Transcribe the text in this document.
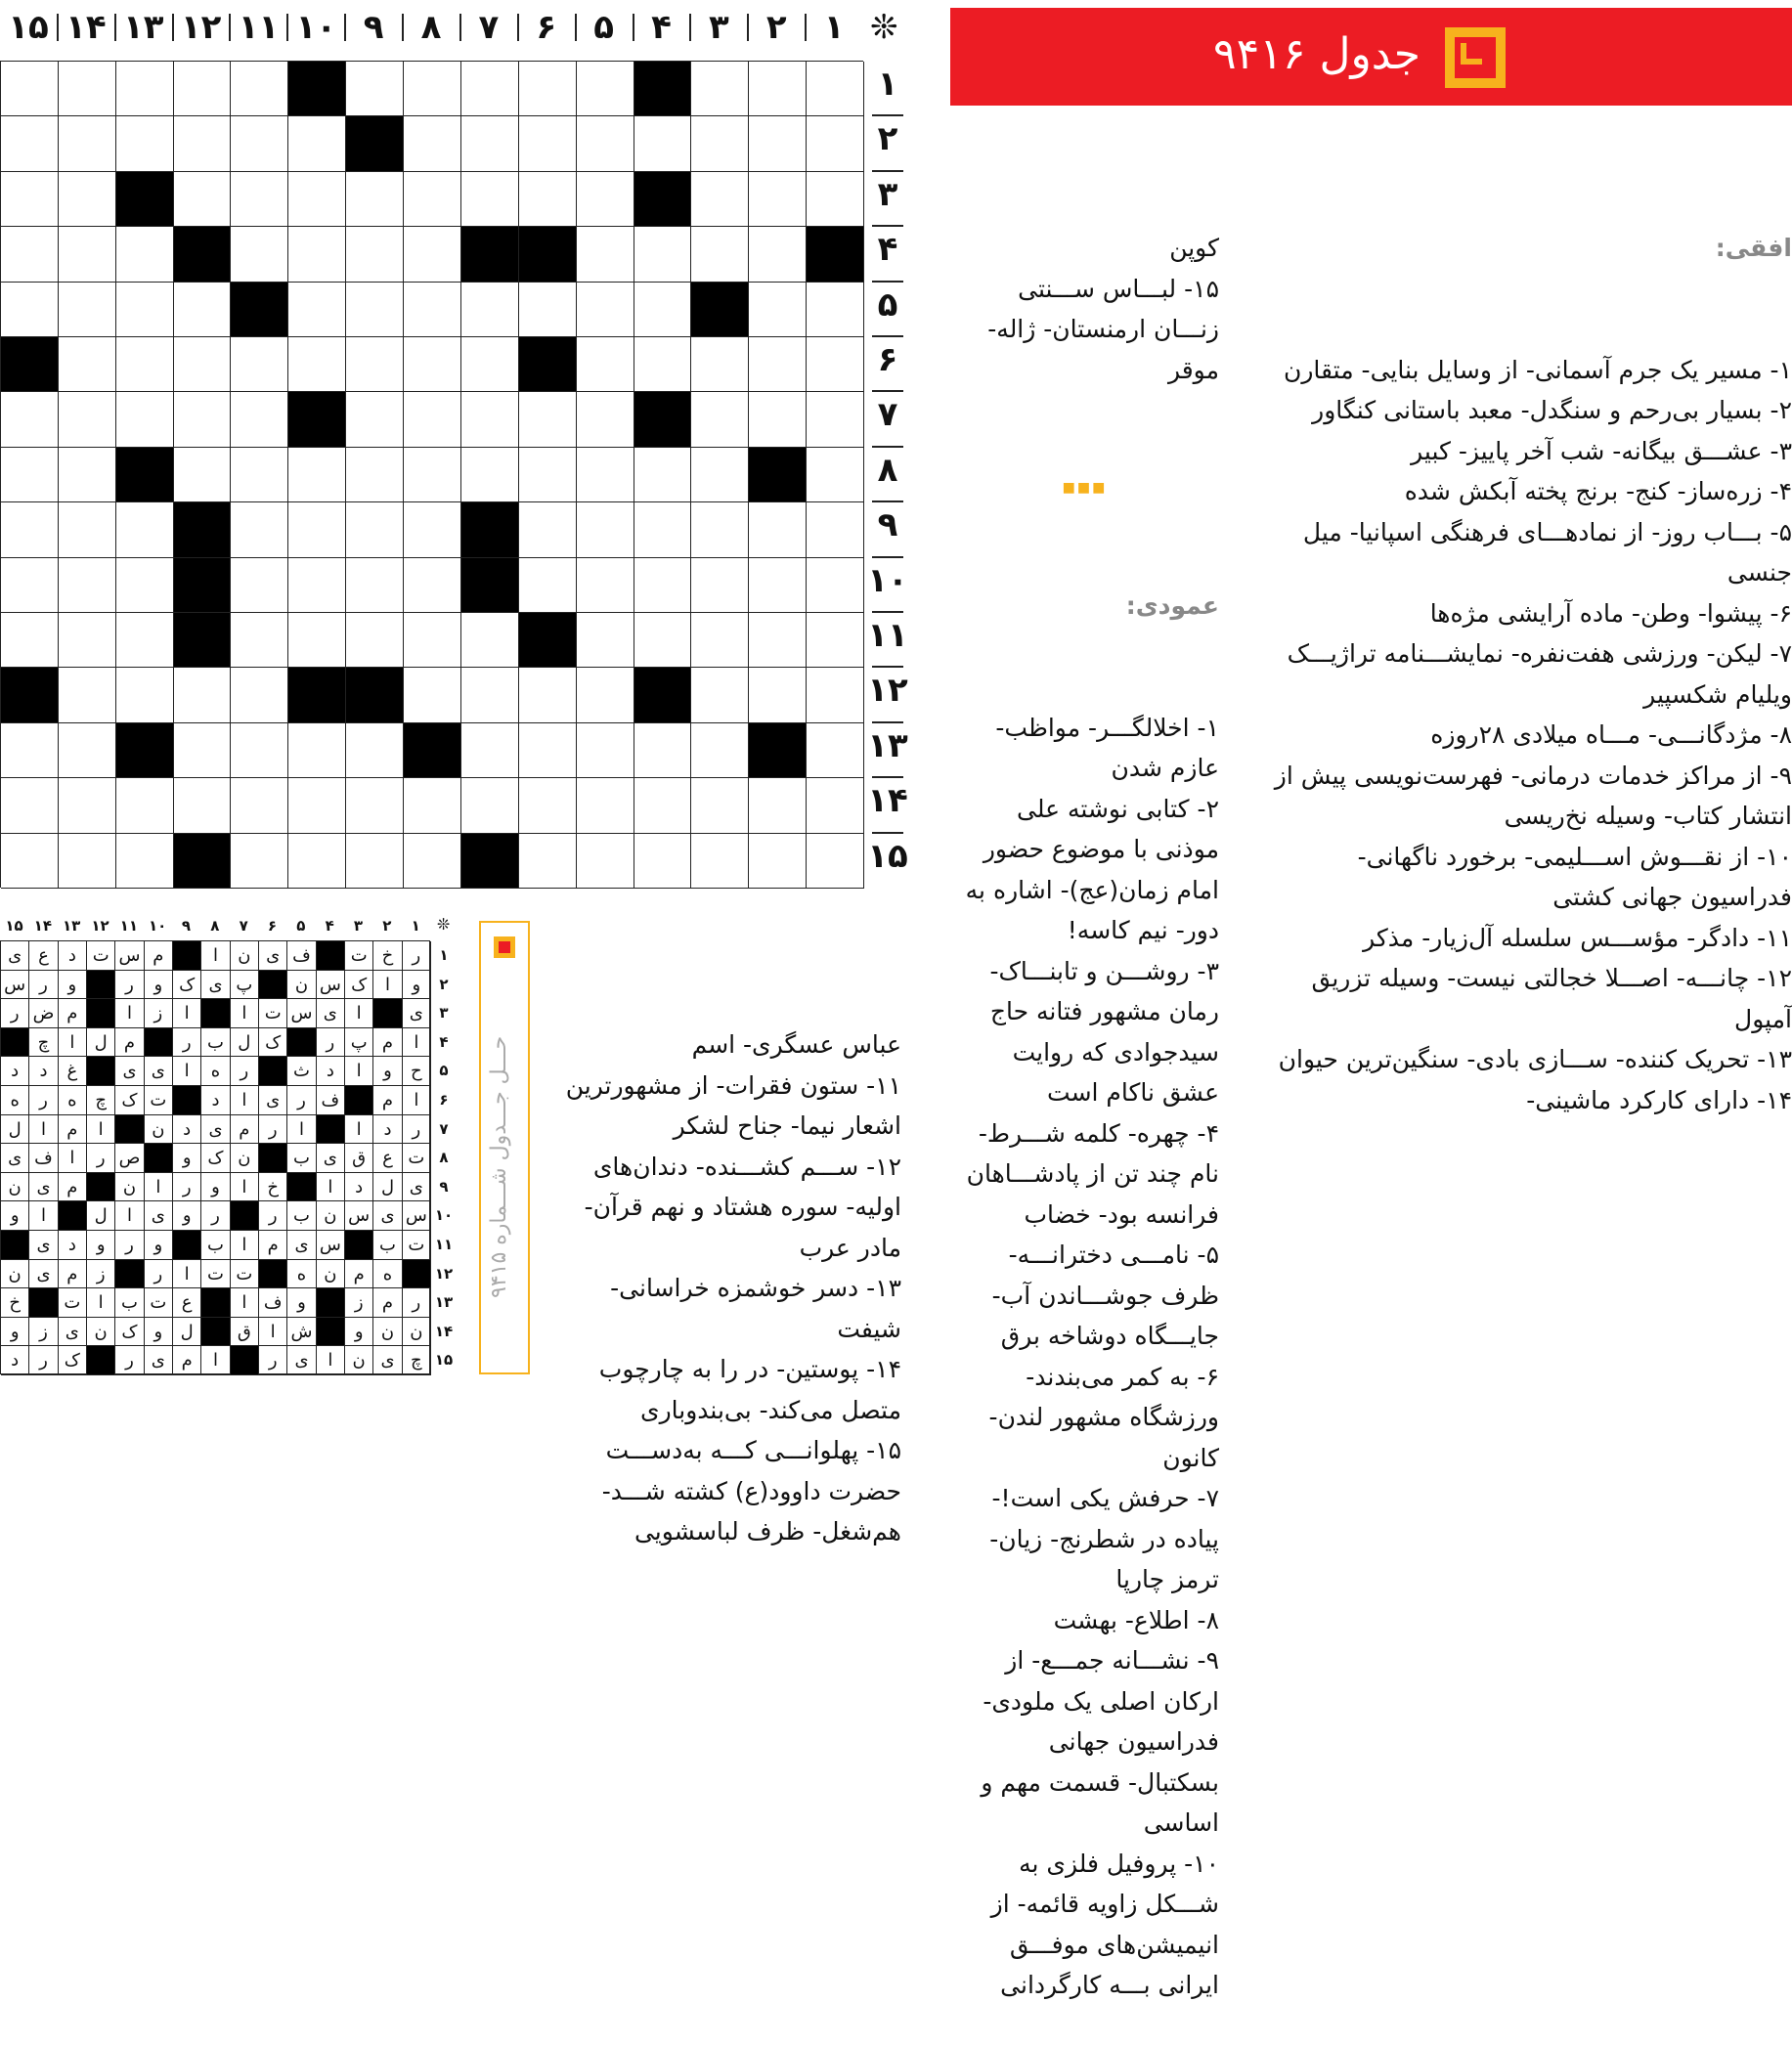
۱
۲
۳
۴
۵
۶
۷
۸
۹
۱۰
۱۱
۱۲
۱۳
۱۴
۱۵
۱
۲
۳
۴
۵
۶
۷
۸
۹
۱۰
۱۱
۱۲
۱۳
۱۴
۱۵
❊
جدول ۹۴۱۶

افقی:

۱- مسیر یک جرم آسمانی- از وسایل بنایی- متقارن
۲- بسیار بی‌رحم و سنگدل- معبد باستانی کنگاور
۳- عشـــق بیگانه- شب آخر پاییز- کبیر
۴- زره‌ساز- کنج- برنج پخته آبکش شده
۵- بـــاب روز- از نمادهـــای فرهنگی اسپانیا- میل جنسی
۶- پیشوا- وطن- ماده آرایشی مژه‌ها
۷- لیکن- ورزشی هفت‌نفره- نمایشـــنامه تراژیـــک ویلیام شکسپیر
۸- مژدگانـــی- مـــاه میلادی ۲۸روزه
۹- از مراکز خدمات درمانی- فهرست‌نویسی پیش از انتشار کتاب- وسیله نخ‌ریسی
۱۰- از نقـــوش اســـلیمی- برخورد ناگهانی- فدراسیون جهانی کشتی
۱۱- دادگر- مؤســـس سلسله آل‌زیار- مذکر
۱۲- چانـــه- اصـــلا خجالتی نیست- وسیله تزریق آمپول
۱۳- تحریک کننده- ســـازی بادی- سنگین‌ترین حیوان
۱۴- دارای کارکرد ماشینی-

کوپن
۱۵- لبـــاس ســـنتی زنـــان ارمنستان- ژاله- موقر

■■■

عمودی:

۱- اخلالگـــر- مواظب- عازم شدن
۲- کتابی نوشته علی موذنی با موضوع حضور امام زمان(عج)- اشاره به دور- نیم کاسه!
۳- روشـــن و تابنـــاک- رمان مشهور فتانه حاج سیدجوادی که روایت عشق ناکام است
۴- چهره- کلمه شـــرط- نام چند تن از پادشـــاهان فرانسه بود- خضاب
۵- نامـــی دخترانـــه- ظرف جوشـــاندن آب- جایـــگاه دوشاخه برق
۶- به کمر می‌بندند- ورزشگاه مشهور لندن- کانون
۷- حرفش یکی است!- پیاده در شطرنج- زیان- ترمز چارپا
۸- اطلاع- بهشت
۹- نشـــانه جمـــع- از ارکان اصلی یک ملودی- فدراسیون جهانی بسکتبال- قسمت مهم و اساسی
۱۰- پروفیل فلزی به شـــکل زاویه قائمه- از انیمیشن‌های موفـــق ایرانی بـــه کارگردانی

عباس عسگری- اسم
۱۱- ستون فقرات- از مشهورترین اشعار نیما- جناح لشکر
۱۲- ســـم کشـــنده- دندان‌های اولیه- سوره هشتاد و نهم قرآن- مادر عرب
۱۳- دسر خوشمزه خراسانی- شیفت
۱۴- پوستین- در را به چارچوب متصل می‌کند- بی‌بندوباری
۱۵- پهلوانـــی کـــه به‌دســـت حضرت داوود(ع) کشته شـــد- هم‌شغل- ظرف لباسشویی

ر
خ
ت
ف
ی
ن
ا
م
س
ت
د
ع
ی
و
ا
ک
س
ن
پ
ی
ک
و
ر
و
ر
س
ی
ا
ی
س
ت
ا
ا
ز
ا
م
ض
ر
ا
م
پ
ر
ک
ل
ب
ر
م
ل
ا
چ
ح
و
ا
د
ث
ر
ه
ا
ی
ی
غ
د
د
ا
م
ف
ر
ی
ا
د
ت
ک
چ
ه
ر
ه
ر
د
ا
ا
ر
م
ی
د
ن
ا
م
ا
ل
ت
ع
ق
ی
ب
ن
ک
و
ص
ر
ا
ف
ی
ی
ل
د
ا
خ
ا
و
ر
ا
ن
م
ی
ن
س
ی
س
ن
ب
ر
ر
و
ی
ا
ل
ا
و
ت
ب
س
ی
م
ا
ب
و
ر
و
د
ی
ه
م
ن
ه
ت
ت
ا
ر
ز
م
ی
ن
ر
م
ز
و
ف
ا
ع
ت
ب
ا
ت
خ
ن
ن
و
ش
ا
ق
ل
و
ک
ن
ی
ز
و
چ
ی
ن
ا
ی
ر
ا
م
ی
ر
ک
ر
د
۱
۲
۳
۴
۵
۶
۷
۸
۹
۱۰
۱۱
۱۲
۱۳
۱۴
۱۵
۱
۲
۳
۴
۵
۶
۷
۸
۹
۱۰
۱۱
۱۲
۱۳
۱۴
۱۵
❊
حـــل جـــدول شـــماره ۹۴۱۵
